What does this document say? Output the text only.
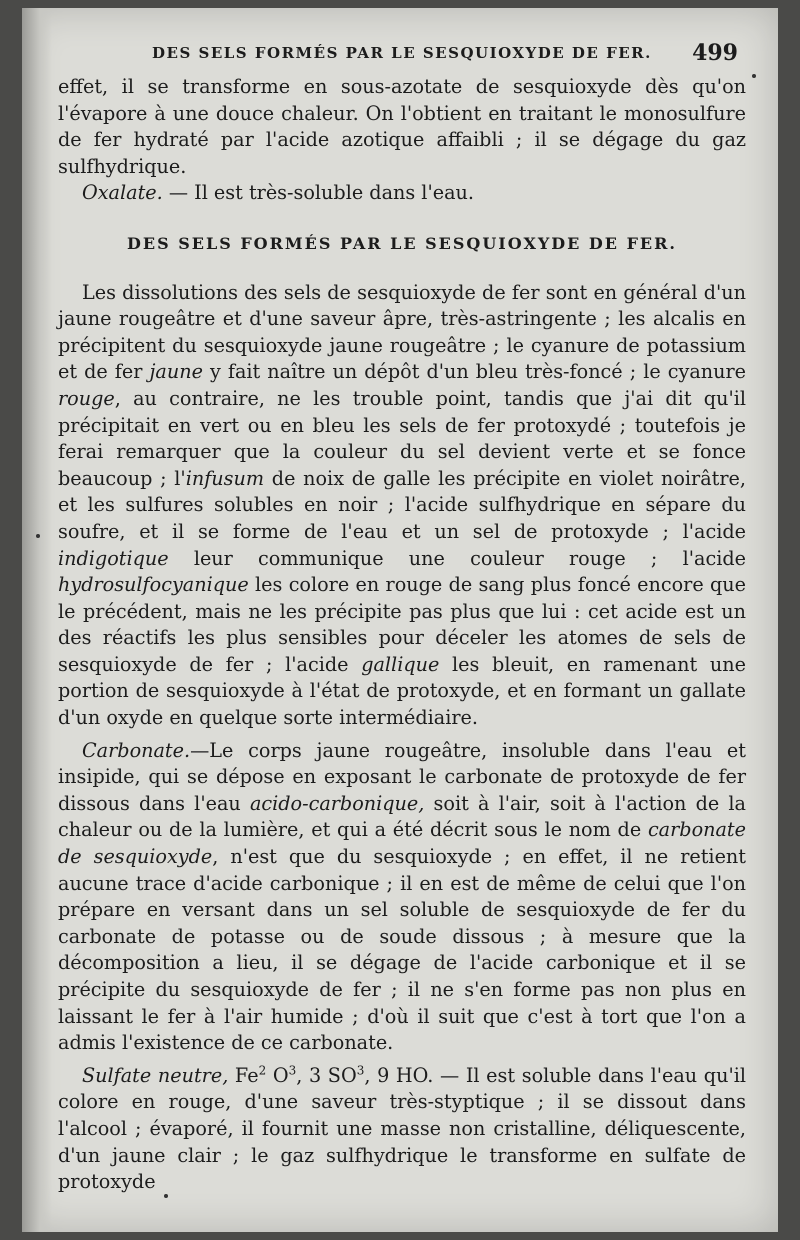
DES SELS FORMÉS PAR LE SESQUIOXYDE DE FER. 499

effet, il se transforme en sous-azotate de sesquioxyde dès qu'on l'évapore à une douce chaleur. On l'obtient en traitant le monosulfure de fer hydraté par l'acide azotique affaibli ; il se dégage du gaz sulfhydrique.

Oxalate. — Il est très-soluble dans l'eau.

DES SELS FORMÉS PAR LE SESQUIOXYDE DE FER.

Les dissolutions des sels de sesquioxyde de fer sont en général d'un jaune rougeâtre et d'une saveur âpre, très-astringente ; les alcalis en précipitent du sesquioxyde jaune rougeâtre ; le cyanure de potassium et de fer jaune y fait naître un dépôt d'un bleu très-foncé ; le cyanure rouge, au contraire, ne les trouble point, tandis que j'ai dit qu'il précipitait en vert ou en bleu les sels de fer protoxydé ; toutefois je ferai remarquer que la couleur du sel devient verte et se fonce beaucoup ; l'infusum de noix de galle les précipite en violet noirâtre, et les sulfures solubles en noir ; l'acide sulfhydrique en sépare du soufre, et il se forme de l'eau et un sel de protoxyde ; l'acide indigotique leur communique une couleur rouge ; l'acide hydrosulfocyanique les colore en rouge de sang plus foncé encore que le précédent, mais ne les précipite pas plus que lui : cet acide est un des réactifs les plus sensibles pour déceler les atomes de sels de sesquioxyde de fer ; l'acide gallique les bleuit, en ramenant une portion de sesquioxyde à l'état de protoxyde, et en formant un gallate d'un oxyde en quelque sorte intermédiaire.

Carbonate.—Le corps jaune rougeâtre, insoluble dans l'eau et insipide, qui se dépose en exposant le carbonate de protoxyde de fer dissous dans l'eau acido-carbonique, soit à l'air, soit à l'action de la chaleur ou de la lumière, et qui a été décrit sous le nom de carbonate de sesquioxyde, n'est que du sesquioxyde ; en effet, il ne retient aucune trace d'acide carbonique ; il en est de même de celui que l'on prépare en versant dans un sel soluble de sesquioxyde de fer du carbonate de potasse ou de soude dissous ; à mesure que la décomposition a lieu, il se dégage de l'acide carbonique et il se précipite du sesquioxyde de fer ; il ne s'en forme pas non plus en laissant le fer à l'air humide ; d'où il suit que c'est à tort que l'on a admis l'existence de ce carbonate.

Sulfate neutre, Fe$^2$ $O^3$, 3 $SO^3$, 9 HO. — Il est soluble dans l'eau qu'il colore en rouge, d'une saveur très-styptique ; il se dissout dans l'alcool ; évaporé, il fournit une masse non cristalline, déliquescente, d'un jaune clair ; le gaz sulfhydrique le transforme en sulfate de protoxyde
